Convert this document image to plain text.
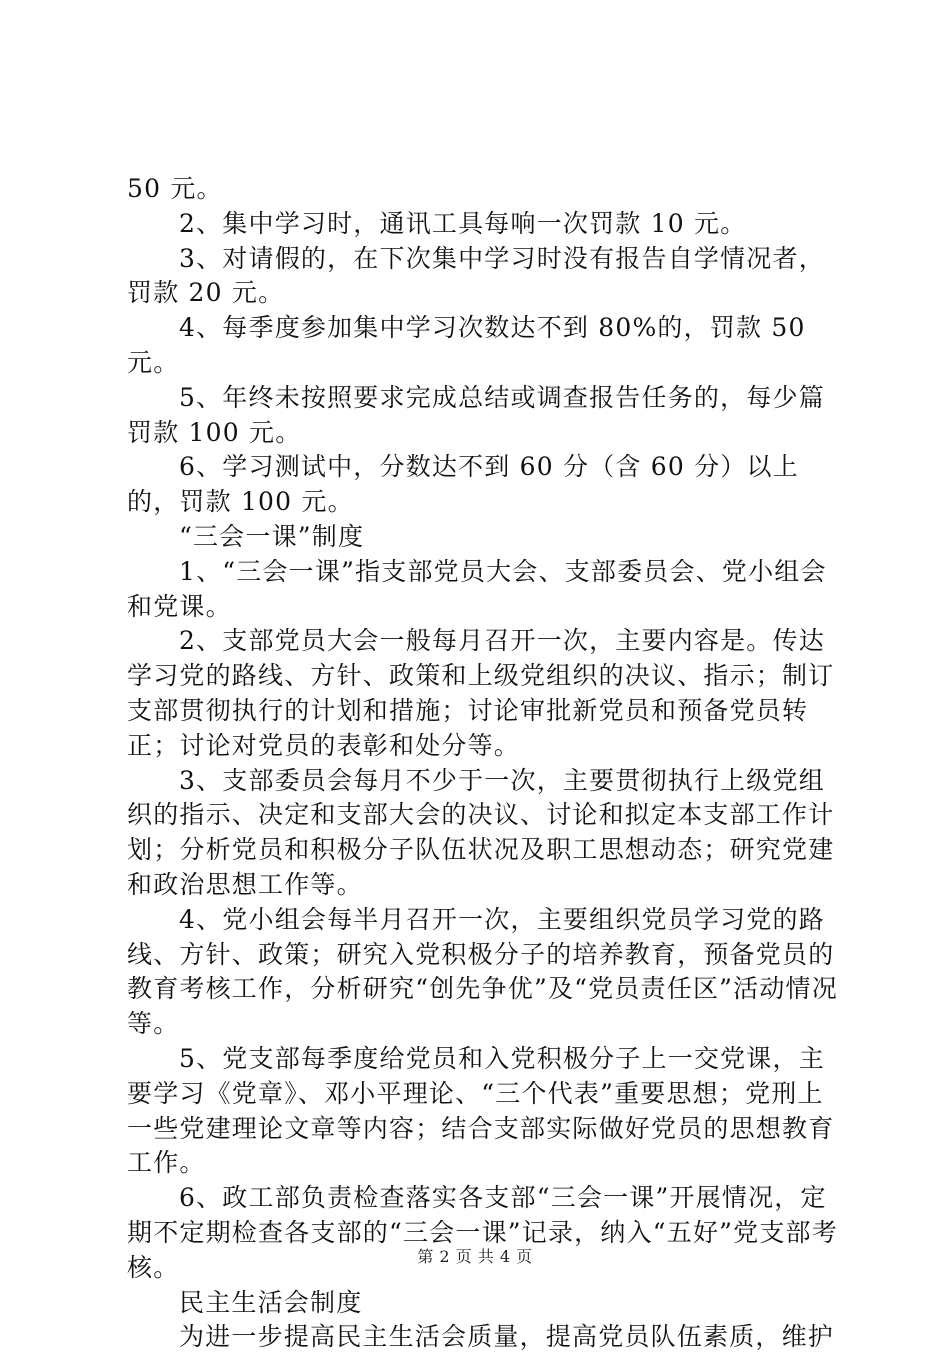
50 元。

2、集中学习时，通讯工具每响一次罚款 10 元。

3、对请假的，在下次集中学习时没有报告自学情况者，罚款 20 元。

4、每季度参加集中学习次数达不到 80%的，罚款 50 元。

5、年终未按照要求完成总结或调查报告任务的，每少篇罚款 100 元。

6、学习测试中，分数达不到 60 分（含 60 分）以上的，罚款 100 元。

“三会一课”制度

1、“三会一课”指支部党员大会、支部委员会、党小组会和党课。

2、支部党员大会一般每月召开一次，主要内容是。传达学习党的路线、方针、政策和上级党组织的决议、指示；制订支部贯彻执行的计划和措施；讨论审批新党员和预备党员转正；讨论对党员的表彰和处分等。

3、支部委员会每月不少于一次，主要贯彻执行上级党组织的指示、决定和支部大会的决议、讨论和拟定本支部工作计划；分析党员和积极分子队伍状况及职工思想动态；研究党建和政治思想工作等。

4、党小组会每半月召开一次，主要组织党员学习党的路线、方针、政策；研究入党积极分子的培养教育，预备党员的教育考核工作，分析研究“创先争优”及“党员责任区”活动情况等。

5、党支部每季度给党员和入党积极分子上一交党课，主要学习《党章》、邓小平理论、“三个代表”重要思想；党刑上一些党建理论文章等内容；结合支部实际做好党员的思想教育工作。

6、政工部负责检查落实各支部“三会一课”开展情况，定期不定期检查各支部的“三会一课”记录，纳入“五好”党支部考核。

民主生活会制度

为进一步提高民主生活会质量，提高党员队伍素质，维护

第 2 页 共 4 页
